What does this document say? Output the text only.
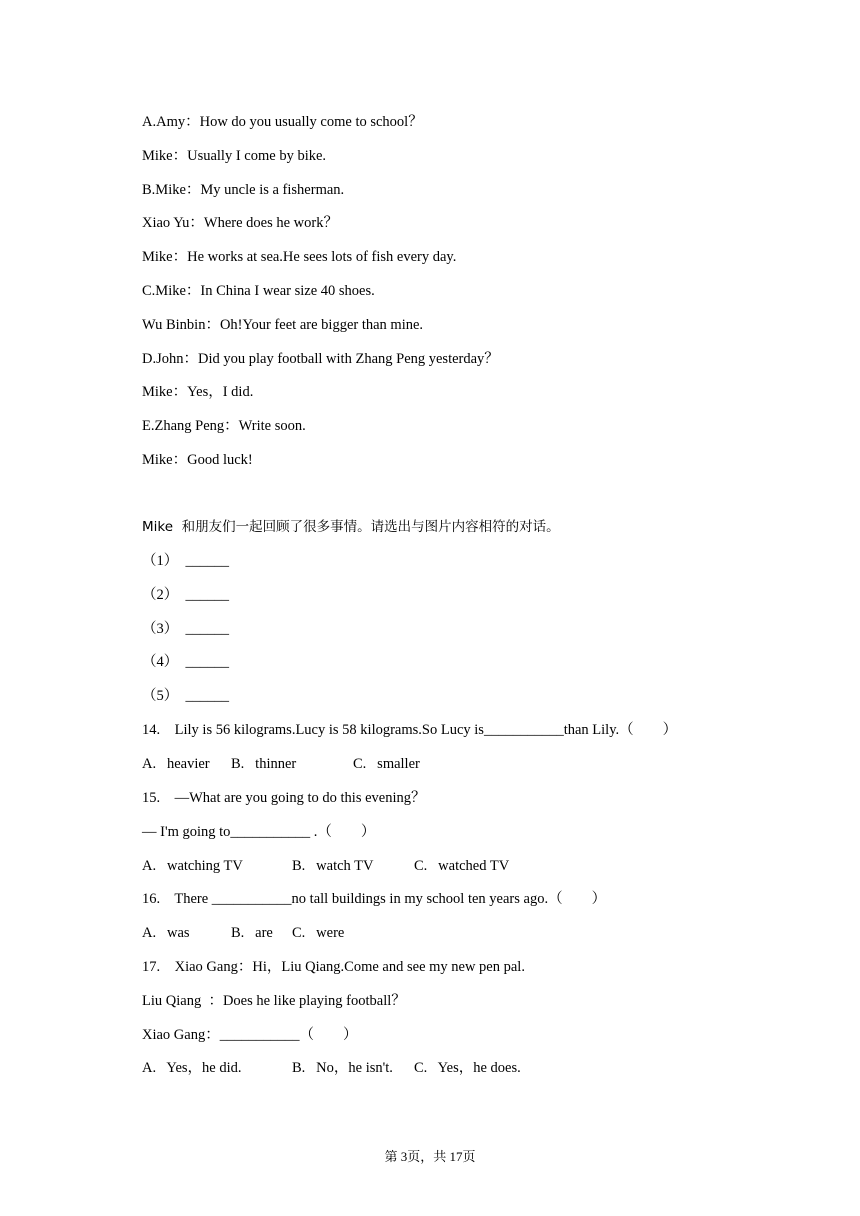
A.Amy：How do you usually come to school？
Mike：Usually I come by bike.
B.Mike：My uncle is a fisherman.
Xiao Yu：Where does he work？
Mike：He works at sea.He sees lots of fish every day.
C.Mike：In China I wear size 40 shoes.
Wu Binbin：Oh!Your feet are bigger than mine.
D.John：Did you play football with Zhang Peng yesterday？
Mike：Yes，I did.
E.Zhang Peng：Write soon.
Mike：Good luck!
Mike  和朋友们一起回顾了很多事情。请选出与图片内容相符的对话。
（1）  ______
（2）  ______
（3）  ______
（4）  ______
（5）  ______
14.    Lily is 56 kilograms.Lucy is 58 kilograms.So Lucy is___________than Lily.（        ）
A.   heavier B.   thinner	C.   smaller
15.    —What are you going to do this evening？
— I'm going to___________ .（        ）
A.   watching TV	B.   watch TV	C.   watched TV
16.    There ___________no tall buildings in my school ten years ago.（        ）
A.   was	B.   are C.   were
17.    Xiao Gang：Hi，Liu Qiang.Come and see my new pen pal.
Liu Qiang  ：Does he like playing football？
Xiao Gang：___________（        ）
A.   Yes，he did.	B.   No，he isn't. C.   Yes，he does.
第 3页，共 17页
